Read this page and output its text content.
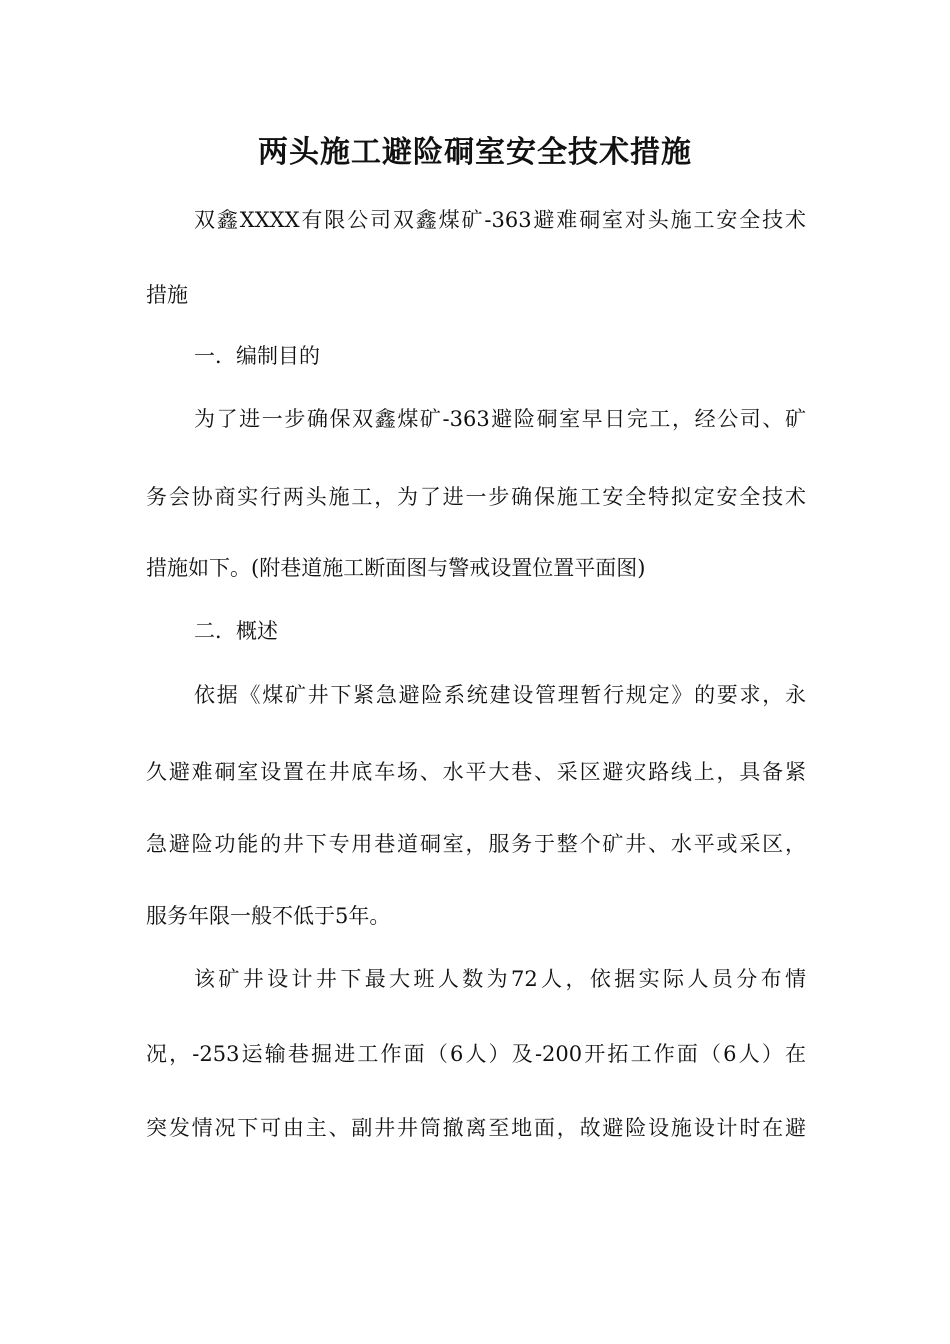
两头施工避险硐室安全技术措施

双鑫XXXX有限公司双鑫煤矿-363避难硐室对头施工安全技术

措施

一．编制目的

为了进一步确保双鑫煤矿-363避险硐室早日完工，经公司、矿

务会协商实行两头施工，为了进一步确保施工安全特拟定安全技术

措施如下。(附巷道施工断面图与警戒设置位置平面图)

二．概述

依据《煤矿井下紧急避险系统建设管理暂行规定》的要求，永

久避难硐室设置在井底车场、水平大巷、采区避灾路线上，具备紧

急避险功能的井下专用巷道硐室，服务于整个矿井、水平或采区，

服务年限一般不低于5年。

该矿井设计井下最大班人数为72人，依据实际人员分布情

况，-253运输巷掘进工作面（6人）及-200开拓工作面（6人）在

突发情况下可由主、副井井筒撤离至地面，故避险设施设计时在避
